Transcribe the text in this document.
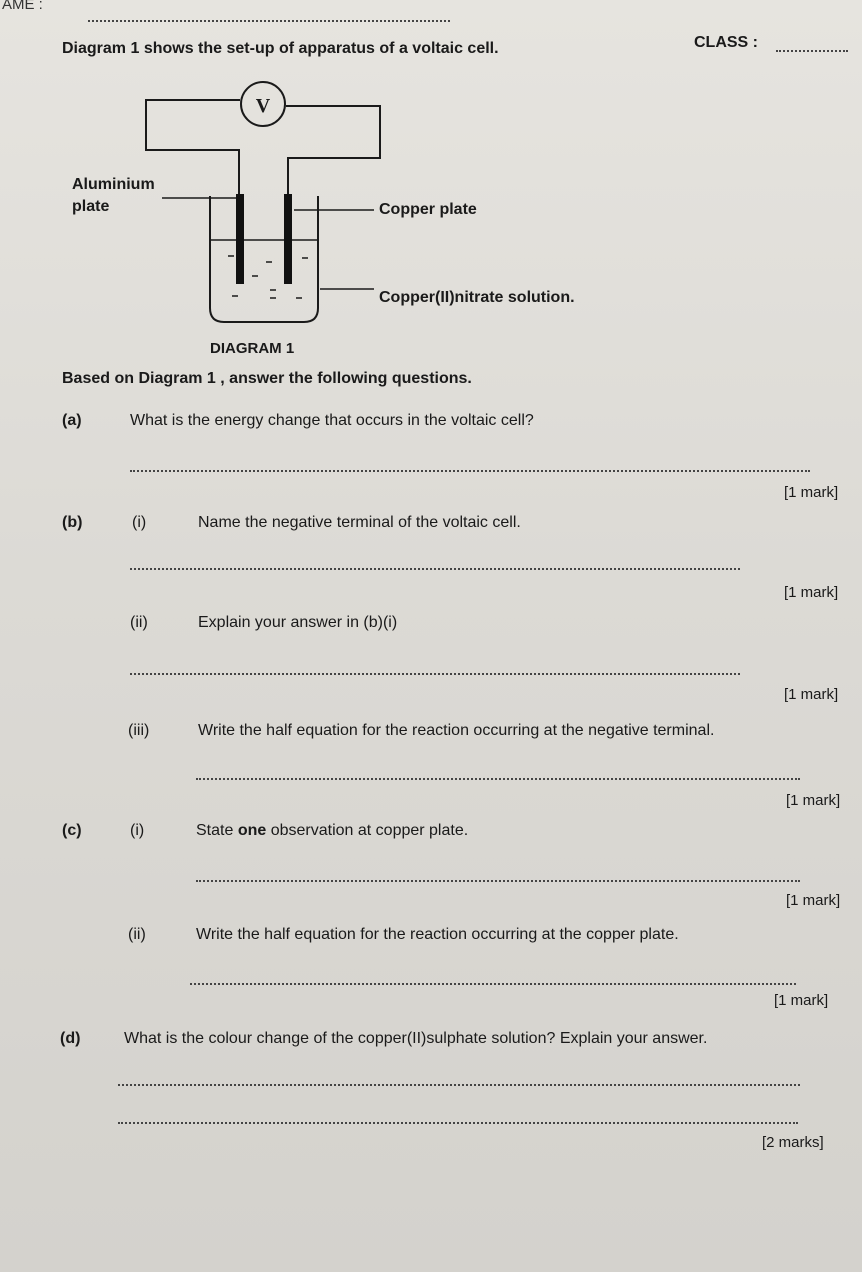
AME :
CLASS :
Diagram 1 shows the set-up of apparatus of a voltaic cell.
V
Aluminium
plate	Copper plate
Copper(II)nitrate solution.
DIAGRAM 1
Based on Diagram 1 , answer the following questions.
(a)	What is the energy change that occurs in the voltaic cell?
[1 mark]
(b)	(i)	Name the negative terminal of the voltaic cell.
[1 mark]
(ii)	Explain your answer in (b)(i)
[1 mark]
(iii)	Write the half equation for the reaction occurring at the negative terminal.
[1 mark]
(c)	(i)	State one observation at copper plate.
[1 mark]
(ii)	Write the half equation for the reaction occurring at the copper plate.
[1 mark]
(d)	What is the colour change of the copper(II)sulphate solution? Explain your answer.
[2 marks]
